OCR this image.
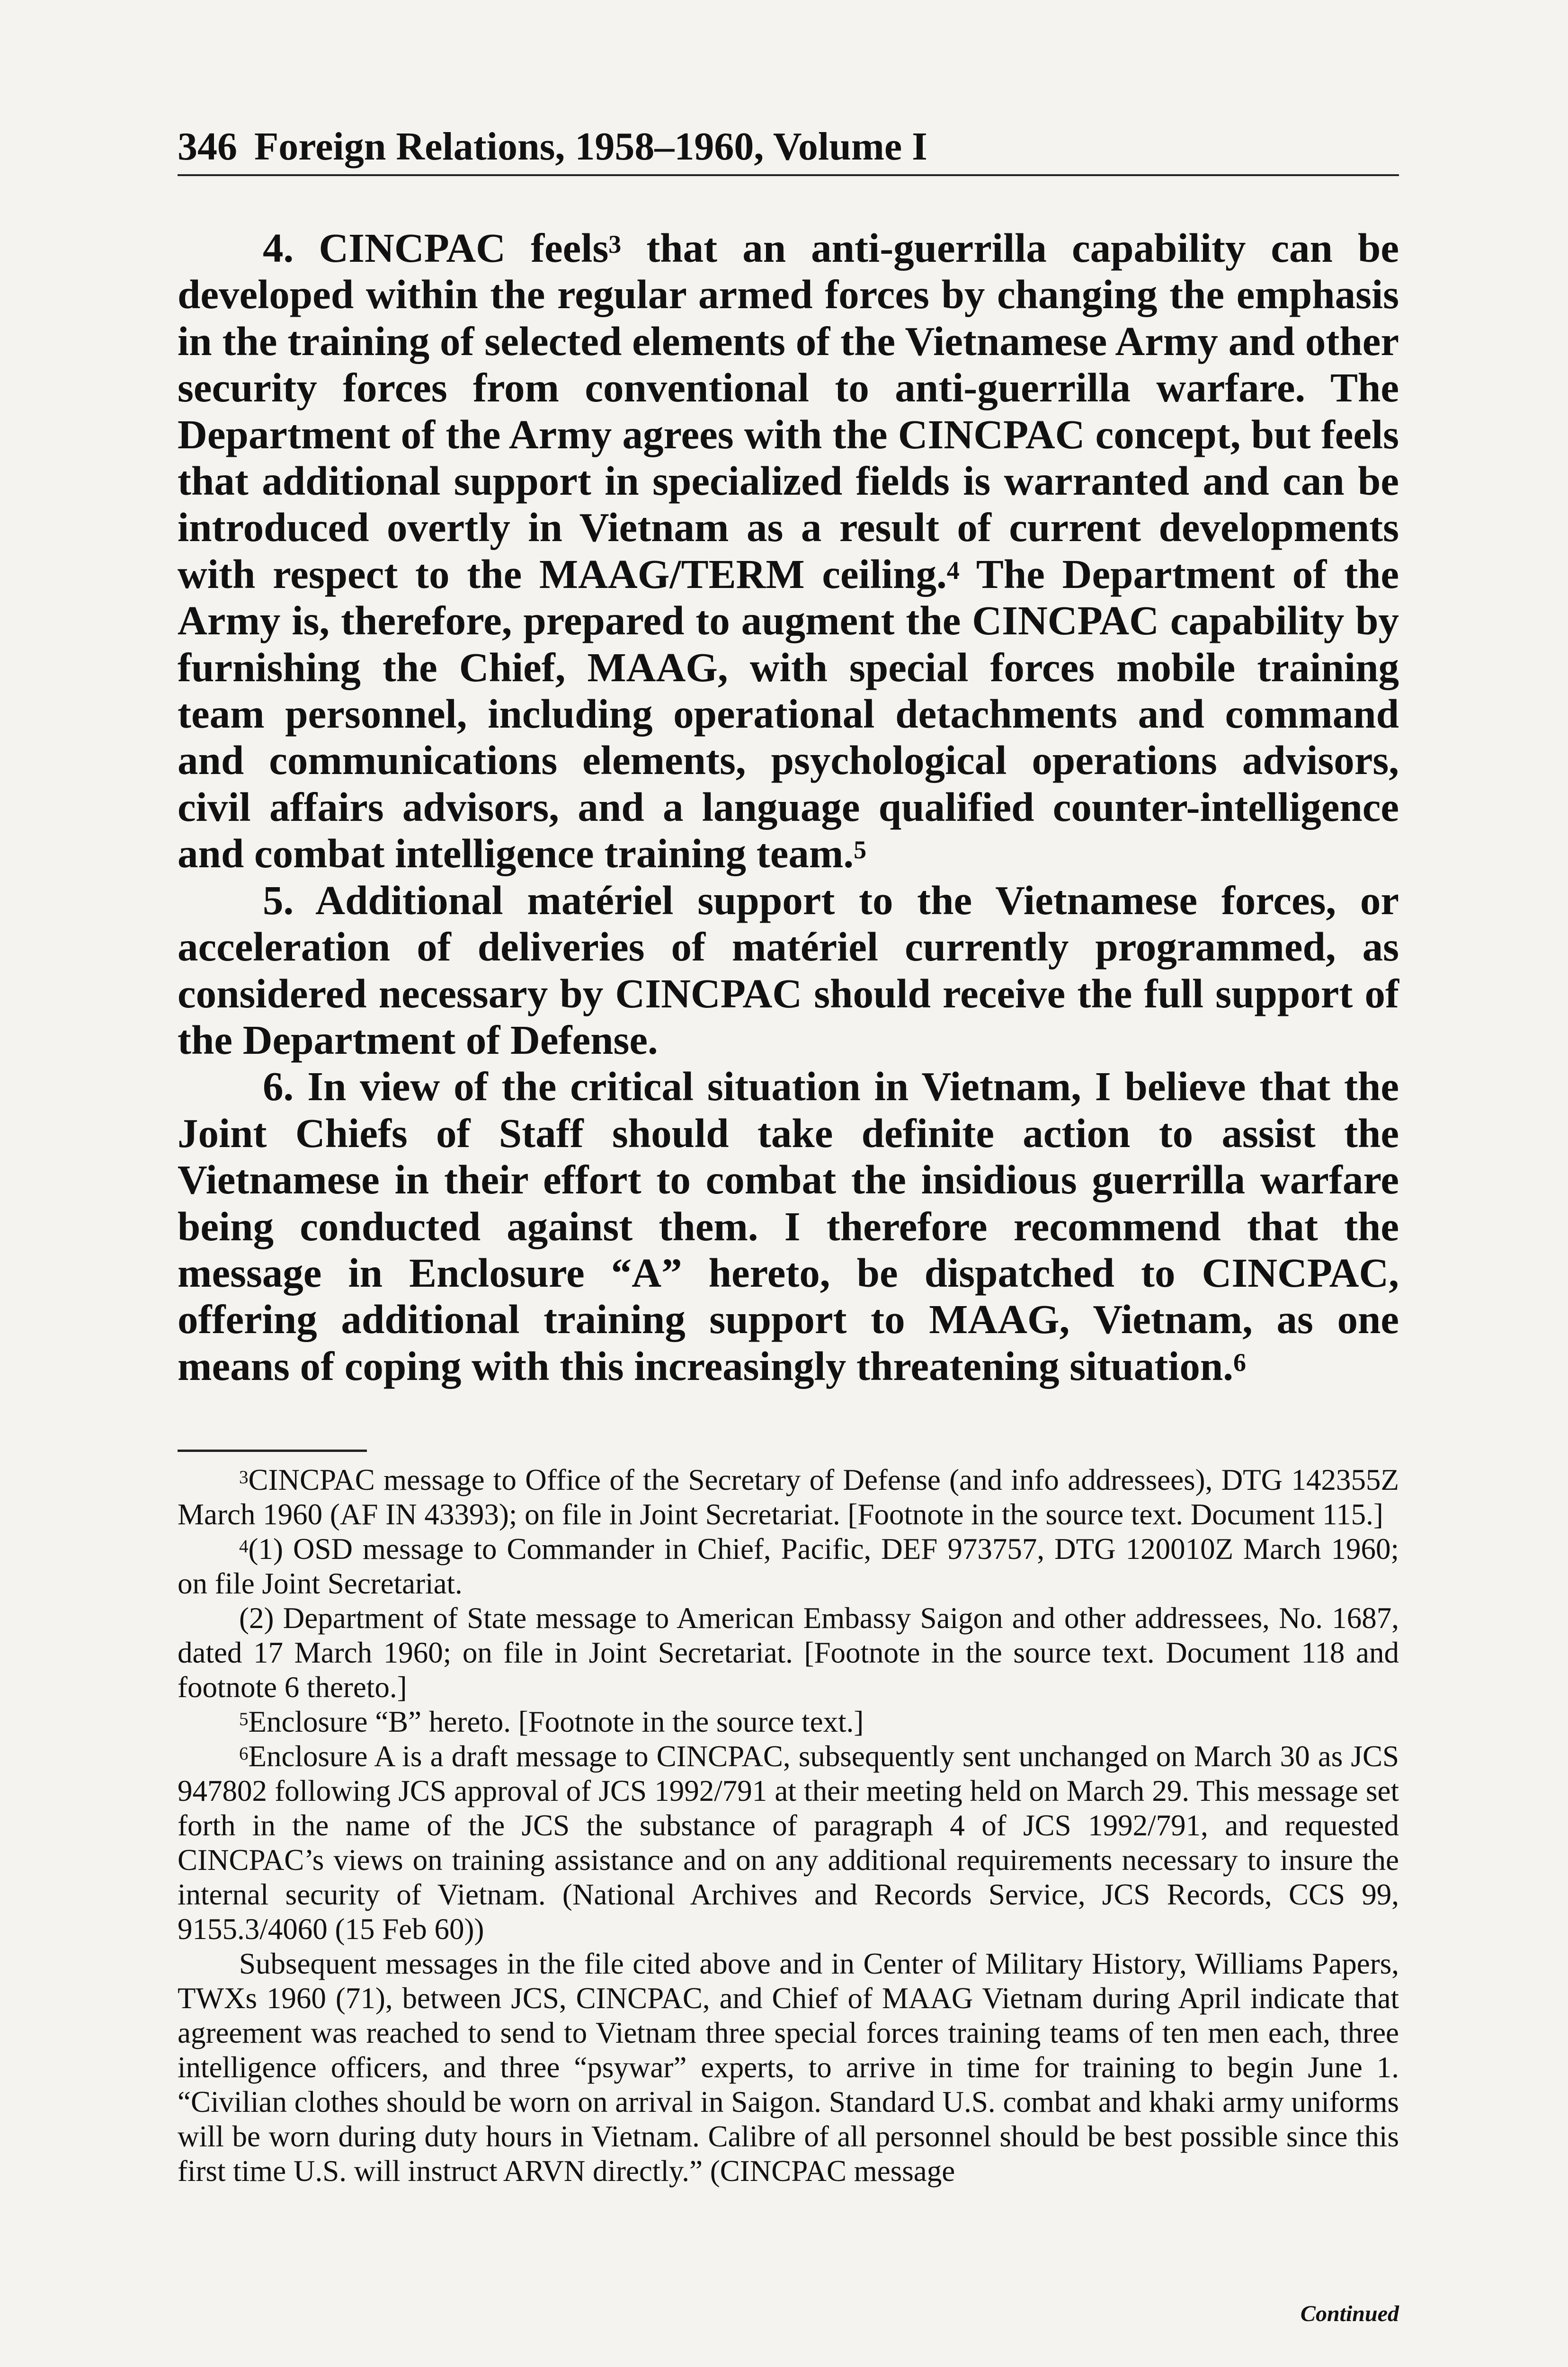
346 Foreign Relations, 1958–1960, Volume I

4. CINCPAC feels$^3$ that an anti-guerrilla capability can be developed within the regular armed forces by changing the emphasis in the training of selected elements of the Vietnamese Army and other security forces from conventional to anti-guerrilla warfare. The Department of the Army agrees with the CINCPAC concept, but feels that additional support in specialized fields is warranted and can be introduced overtly in Vietnam as a result of current developments with respect to the MAAG/TERM ceiling.$^4$ The Department of the Army is, therefore, prepared to augment the CINCPAC capability by furnishing the Chief, MAAG, with special forces mobile training team personnel, including operational detachments and command and communications elements, psychological operations advisors, civil affairs advisors, and a language qualified counter-intelligence and combat intelligence training team.$^5$

5. Additional matériel support to the Vietnamese forces, or acceleration of deliveries of matériel currently programmed, as considered necessary by CINCPAC should receive the full support of the Department of Defense.

6. In view of the critical situation in Vietnam, I believe that the Joint Chiefs of Staff should take definite action to assist the Vietnamese in their effort to combat the insidious guerrilla warfare being conducted against them. I therefore recommend that the message in Enclosure “A” hereto, be dispatched to CINCPAC, offering additional training support to MAAG, Vietnam, as one means of coping with this increasingly threatening situation.$^6$

$^3$CINCPAC message to Office of the Secretary of Defense (and info addressees), DTG 142355Z March 1960 (AF IN 43393); on file in Joint Secretariat. [Footnote in the source text. Document 115.]

$^4$(1) OSD message to Commander in Chief, Pacific, DEF 973757, DTG 120010Z March 1960; on file Joint Secretariat.

(2) Department of State message to American Embassy Saigon and other addressees, No. 1687, dated 17 March 1960; on file in Joint Secretariat. [Footnote in the source text. Document 118 and footnote 6 thereto.]

$^5$Enclosure “B” hereto. [Footnote in the source text.]

$^6$Enclosure A is a draft message to CINCPAC, subsequently sent unchanged on March 30 as JCS 947802 following JCS approval of JCS 1992/791 at their meeting held on March 29. This message set forth in the name of the JCS the substance of paragraph 4 of JCS 1992/791, and requested CINCPAC’s views on training assistance and on any additional requirements necessary to insure the internal security of Vietnam. (National Archives and Records Service, JCS Records, CCS 99, 9155.3/4060 (15 Feb 60))

Subsequent messages in the file cited above and in Center of Military History, Williams Papers, TWXs 1960 (71), between JCS, CINCPAC, and Chief of MAAG Vietnam during April indicate that agreement was reached to send to Vietnam three special forces training teams of ten men each, three intelligence officers, and three “psywar” experts, to arrive in time for training to begin June 1. “Civilian clothes should be worn on arrival in Saigon. Standard U.S. combat and khaki army uniforms will be worn during duty hours in Vietnam. Calibre of all personnel should be best possible since this first time U.S. will instruct ARVN directly.” (CINCPAC message

Continued
